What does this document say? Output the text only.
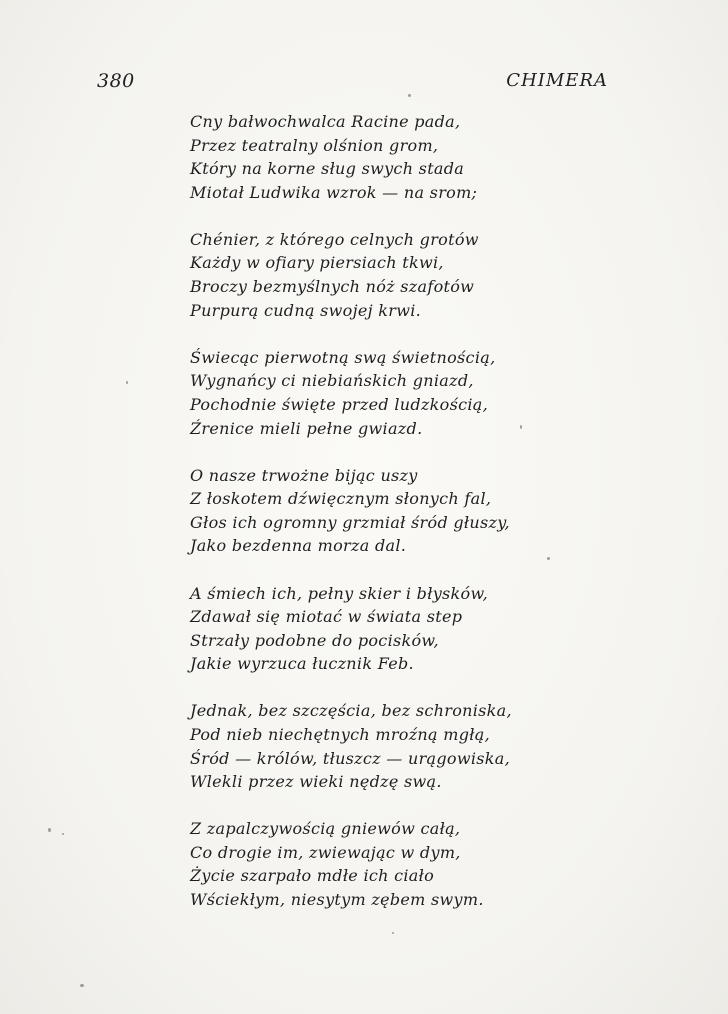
380	CHIMERA
Cny bałwochwalca Racine pada,
Przez teatralny olśnion grom,
Który na korne sług swych stada
Miotał Ludwika wzrok — na srom;
Chénier, z którego celnych grotów
Każdy w ofiary piersiach tkwi,
Broczy bezmyślnych nóż szafotów
Purpurą cudną swojej krwi.
Świecąc pierwotną swą świetnością,
Wygnańcy ci niebiańskich gniazd,
Pochodnie święte przed ludzkością,
Źrenice mieli pełne gwiazd.
O nasze trwożne bijąc uszy
Z łoskotem dźwięcznym słonych fal,
Głos ich ogromny grzmiał śród głuszy,
Jako bezdenna morza dal.
A śmiech ich, pełny skier i błysków,
Zdawał się miotać w świata step
Strzały podobne do pocisków,
Jakie wyrzuca łucznik Feb.
Jednak, bez szczęścia, bez schroniska,
Pod nieb niechętnych mroźną mgłą,
Śród — królów, tłuszcz — urągowiska,
Wlekli przez wieki nędzę swą.
Z zapalczywością gniewów całą,
Co drogie im, zwiewając w dym,
Życie szarpało mdłe ich ciało
Wściekłym, niesytym zębem swym.
